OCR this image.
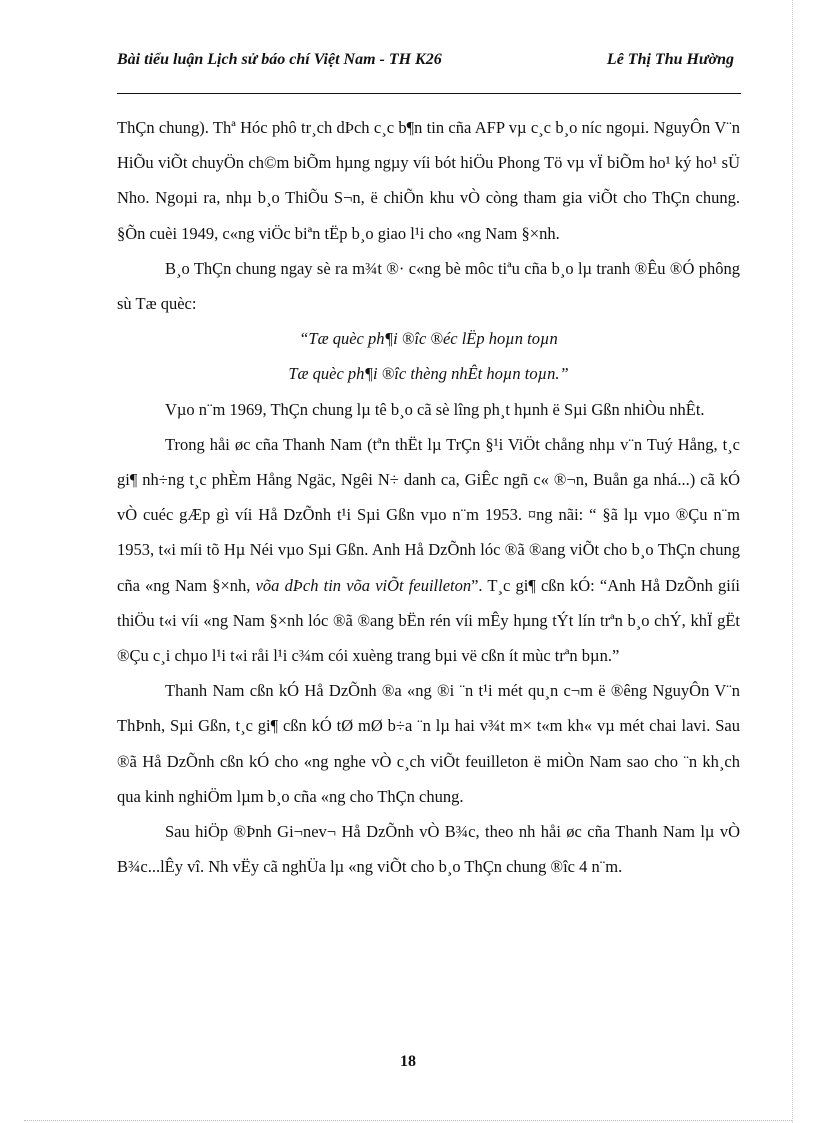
Bài tiểu luận Lịch sử báo chí Việt Nam - TH K26	Lê Thị Thu Hường

ThÇn chung). Thª Hóc phô tr¸ch dÞch c¸c b¶n tin cña AFP vµ c¸c b¸o níc ngoµi. NguyÔn V¨n HiÕu viÕt chuyÖn ch©m biÕm hµng ngµy víi bót hiÖu Phong Tö vµ vÏ biÕm ho¹ ký ho¹ sÜ Nho. Ngoµi ra, nhµ b¸o ThiÕu S¬n, ë chiÕn khu vÒ còng tham gia viÕt cho ThÇn chung. §Õn cuèi 1949, c«ng viÖc biªn tËp b¸o giao l¹i cho «ng Nam §×nh.

B¸o ThÇn chung ngay sè ra m¾t ®· c«ng bè môc tiªu cña b¸o lµ tranh ®Êu ®Ó phông sù Tæ quèc:

“Tæ quèc ph¶i ®îc ®éc lËp hoµn toµn

Tæ quèc ph¶i ®îc thèng nhÊt hoµn toµn.”

Vµo n¨m 1969, ThÇn chung lµ tê b¸o cã sè lîng ph¸t hµnh ë Sµi Gßn nhiÒu nhÊt.

Trong håi øc cña Thanh Nam (tªn thËt lµ TrÇn §¹i ViÖt chång nhµ v¨n Tuý Hång, t¸c gi¶ nh÷ng t¸c phÈm Hång Ngäc, Ngêi N÷ danh ca, GiÊc ngñ c« ®¬n, Buån ga nhá...) cã kÓ vÒ cuéc gÆp gì víi Hå DzÕnh t¹i Sµi Gßn vµo n¨m 1953. ¤ng nãi: “ §ã lµ vµo ®Çu n¨m 1953, t«i míi tõ Hµ Néi vµo Sµi Gßn. Anh Hå DzÕnh lóc ®ã ®ang viÕt cho b¸o ThÇn chung cña «ng Nam §×nh, võa dÞch tin võa viÕt feuilleton”. T¸c gi¶ cßn kÓ: “Anh Hå DzÕnh giíi thiÖu t«i víi «ng Nam §×nh lóc ®ã ®ang bËn rén víi mÊy hµng tÝt lín trªn b¸o chÝ, khÏ gËt ®Çu c¸i chµo l¹i t«i råi l¹i c¾m cói xuèng trang bµi vë cßn ít mùc trªn bµn.”

Thanh Nam cßn kÓ Hå DzÕnh ®a «ng ®i ¨n t¹i mét qu¸n c¬m ë ®êng NguyÔn V¨n ThÞnh, Sµi Gßn, t¸c gi¶ cßn kÓ tØ mØ b÷a ¨n lµ hai v¾t m× t«m kh« vµ mét chai lavi. Sau ®ã Hå DzÕnh cßn kÓ cho «ng nghe vÒ c¸ch viÕt feuilleton ë miÒn Nam sao cho ¨n kh¸ch qua kinh nghiÖm lµm b¸o cña «ng cho ThÇn chung.

Sau hiÖp ®Þnh Gi¬nev¬ Hå DzÕnh vÒ B¾c, theo nh håi øc cña Thanh Nam lµ vÒ B¾c...lÊy vî. Nh vËy cã nghÜa lµ «ng viÕt cho b¸o ThÇn chung ®îc 4 n¨m.

18
